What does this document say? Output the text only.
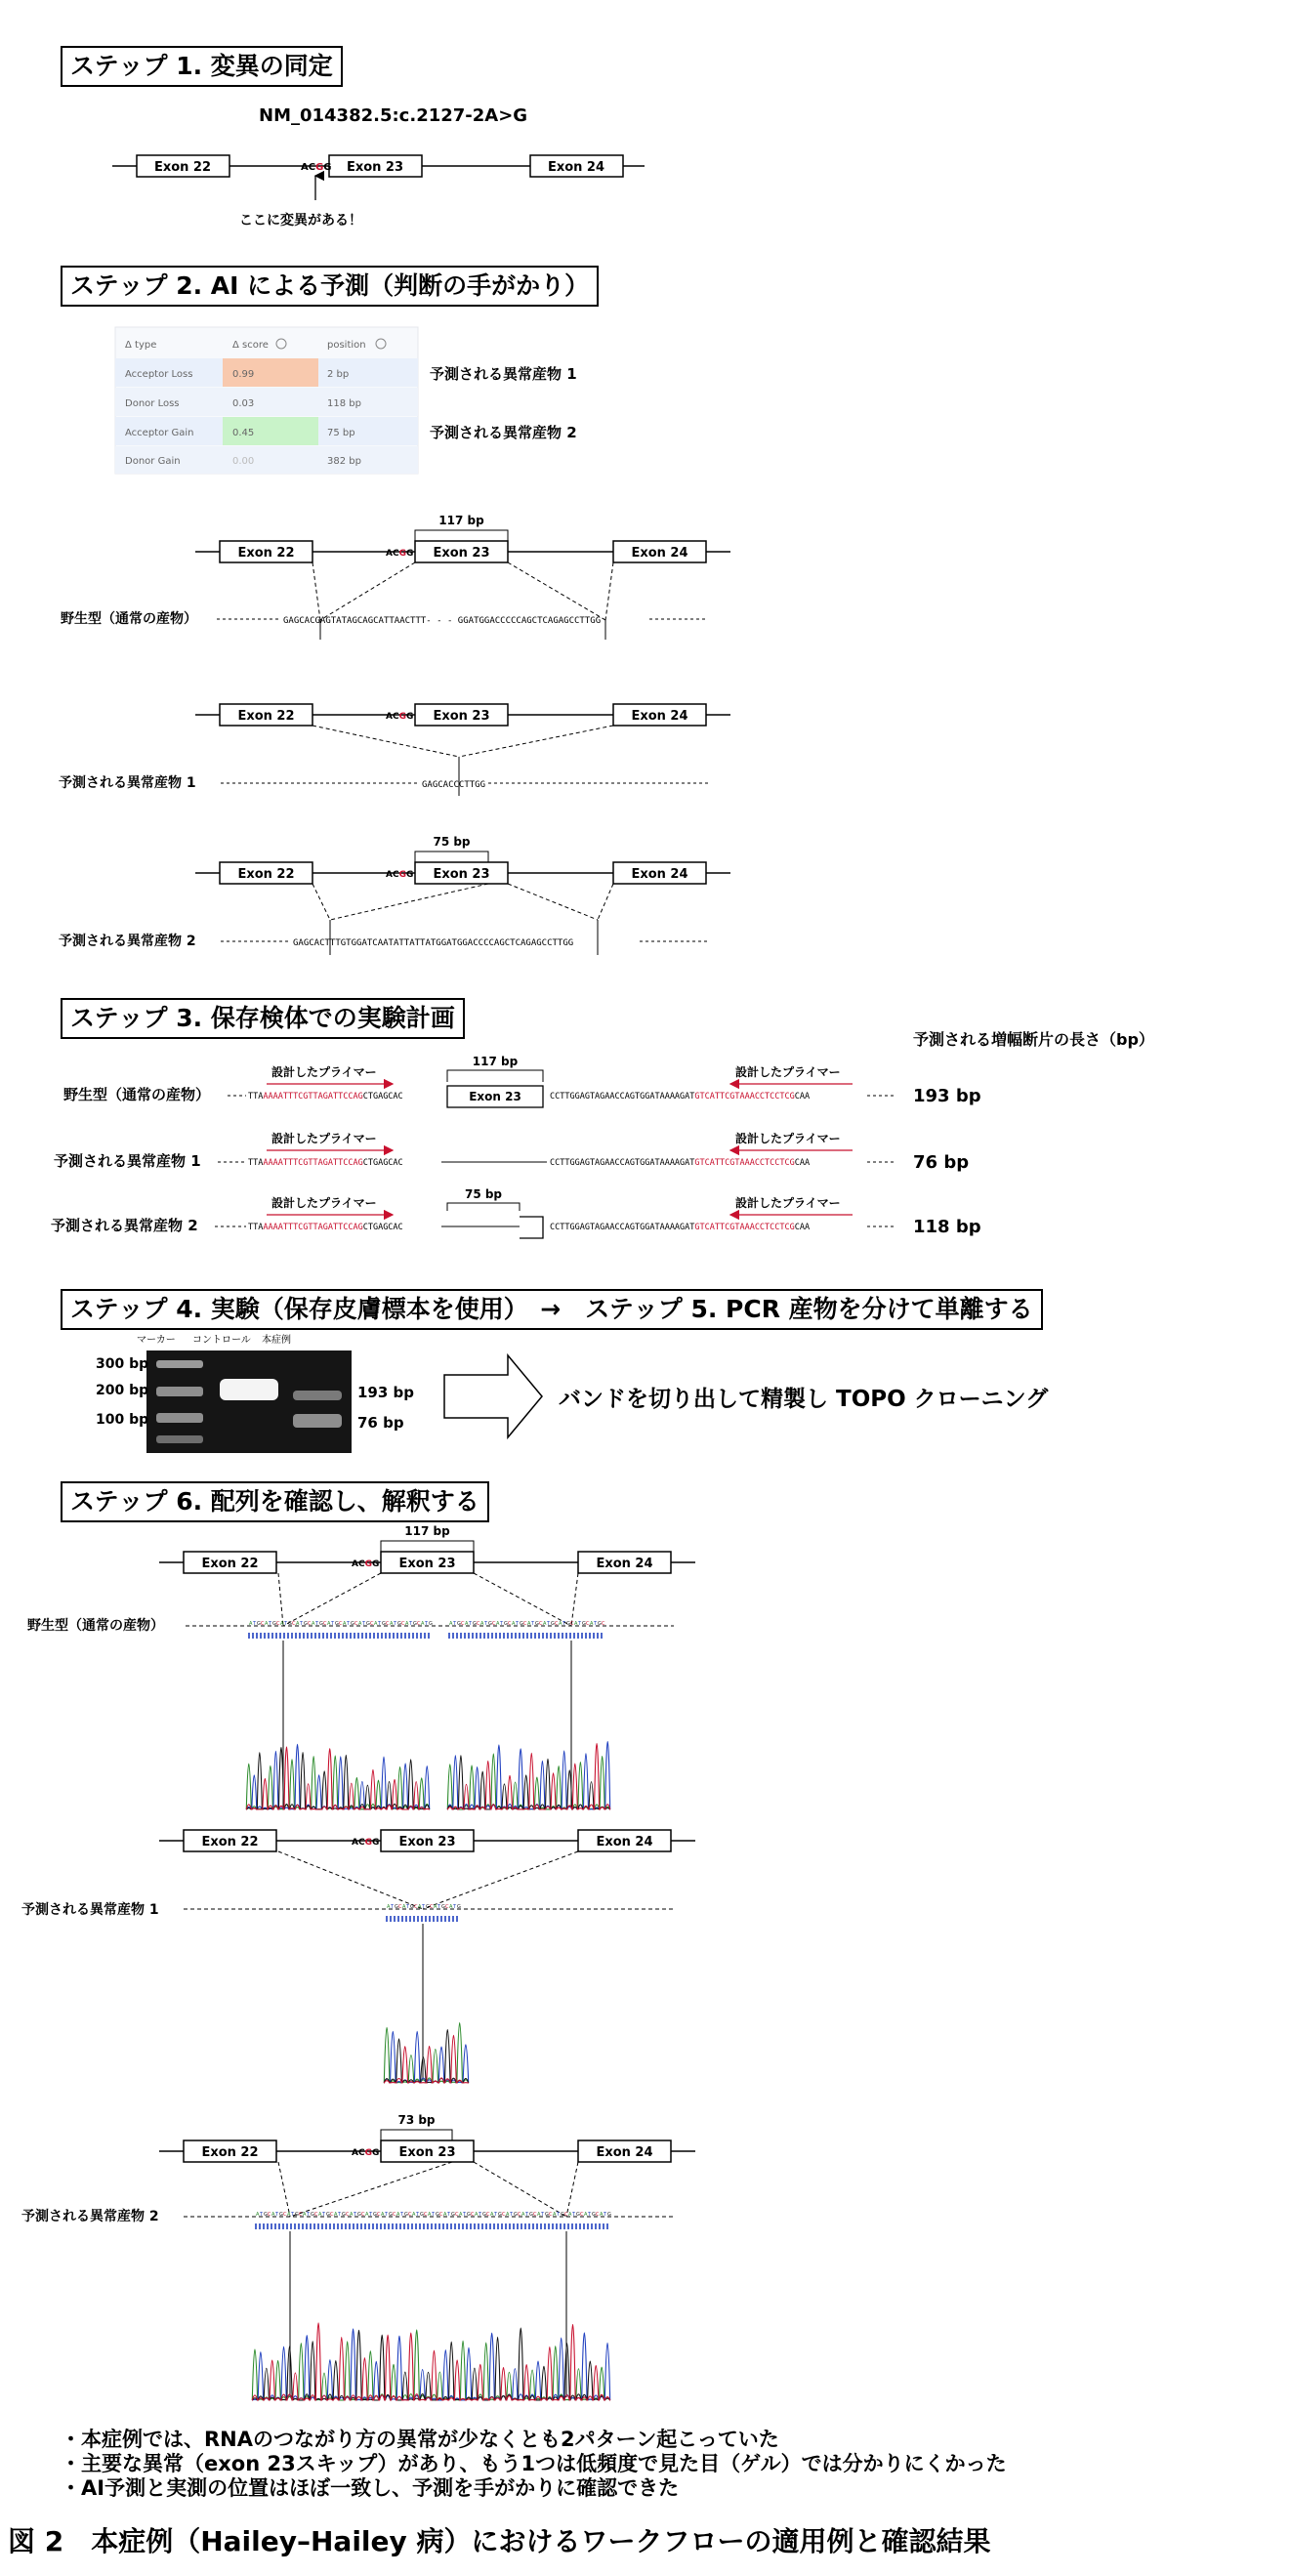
ステップ 1. 変異の同定
ステップ 2. AI による予測（判断の手がかり）
ステップ 3. 保存検体での実験計画
ステップ 4. 実験（保存皮膚標本を使用）　→　ステップ 5. PCR 産物を分けて単離する
ステップ 6. 配列を確認し、解釈する
NM_014382.5:c.2127-2A>G
Exon 22	Exon 23	Exon 24
ACGG
ここに変異がある！
Δ type	Δ score	position
Acceptor Loss	0.99	2 bp
Donor Loss	0.03	118 bp
Acceptor Gain	0.45	75 bp
Donor Gain	0.00	382 bp
予測される異常産物 1
予測される異常産物 2
Exon 22	Exon 23	Exon 24
ACGG
117 bp
野生型（通常の産物）	GAGCACGAGTATAGCAGCATTAACTTT- - - GGATGGACCCCCAGCTCAGAGCCTTGG
Exon 22	Exon 23	Exon 24
ACGG
予測される異常産物 1	GAGCACCCTTGG
Exon 22	Exon 23	Exon 24
ACGG
75 bp
予測される異常産物 2	GAGCACTTTGTGGATCAATATTATTATGGATGGACCCCAGCTCAGAGCCTTGG
予測される増幅断片の長さ（bp）
野生型（通常の産物）	TTAAAAATTTCGTTAGATTCCAGCTGAGCAC
設計したプライマー
Exon 23
117 bp
CCTTGGAGTAGAACCAGTGGATAAAAGATGTCATTCGTAAACCTCCTCGCAA
設計したプライマー
193 bp
予測される異常産物 1	TTAAAAATTTCGTTAGATTCCAGCTGAGCAC
設計したプライマー
CCTTGGAGTAGAACCAGTGGATAAAAGATGTCATTCGTAAACCTCCTCGCAA
設計したプライマー
76 bp
予測される異常産物 2	TTAAAAATTTCGTTAGATTCCAGCTGAGCAC
設計したプライマー
75 bp
CCTTGGAGTAGAACCAGTGGATAAAAGATGTCATTCGTAAACCTCCTCGCAA
設計したプライマー
118 bp
マーカー コントロール 本症例
300 bp
200 bp
100 bp
193 bp
76 bp
バンドを切り出して精製し TOPO クローニング
Exon 22	Exon 23	Exon 24
ACGG
117 bp
野生型（通常の産物）	A T G C A T G C A T G C A T G C A T G C A T G C A T G C A T G C A T G C A T G C A T G C A T G	A T G C A T G C A T G C A T G C A T G C A T G C A T G C A T G C A T G C A T G C
Exon 22	Exon 23	Exon 24
ACGG
予測される異常産物 1	A T G C A T G C A T G C A T G C A T G
Exon 22	Exon 23	Exon 24
ACGG
73 bp
予測される異常産物 2	A T G C A T G C A T G C A T G C A T G C A T G C A T G C A T G C A T G C A T G C A T G C A T G C A T G C A T G C A T G C A T G C A T G C A T G C A T G C A T G C A T G C A T G C A T G
・本症例では、RNAのつながり方の異常が少なくとも2パターン起こっていた
・主要な異常（exon 23スキップ）があり、もう1つは低頻度で見た目（ゲル）では分かりにくかった
・AI予測と実測の位置はほぼ一致し、予測を手がかりに確認できた
図 2　本症例（Hailey–Hailey 病）におけるワークフローの適用例と確認結果
